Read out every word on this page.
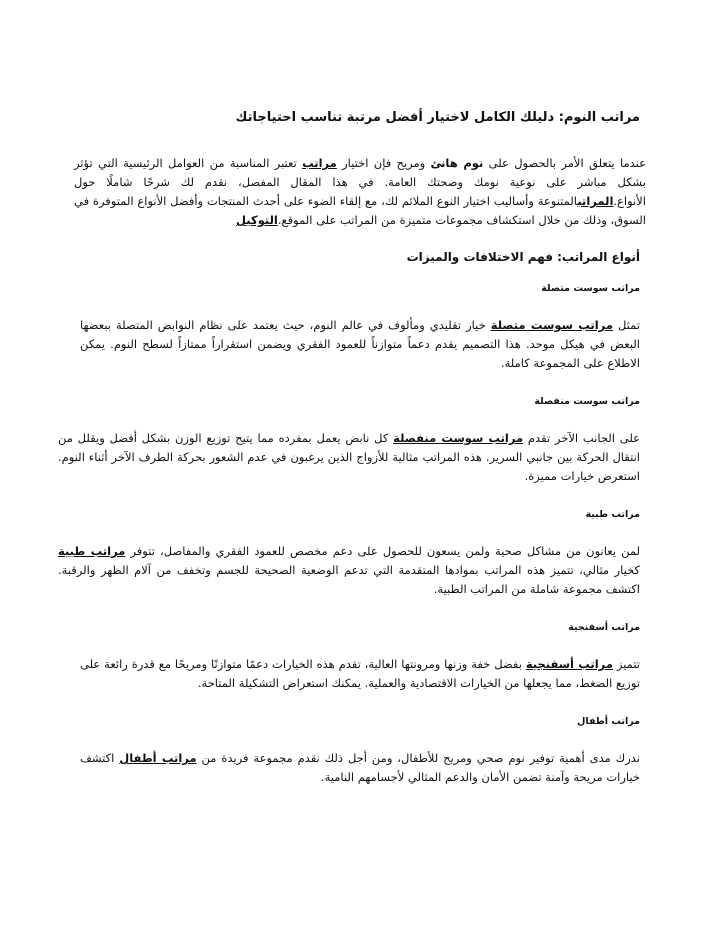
مراتب النوم: دليلك الكامل لاختيار أفضل مرتبة تناسب احتياجاتك

عندما يتعلق الأمر بالحصول على نوم هانئ ومريح فإن اختيار مراتب تعتبر المناسبة من العوامل الرئيسية التي تؤثر بشكل مباشر على نوعية نومك وصحتك العامة. في هذا المقال المفصل، نقدم لك شرحًا شاملًا حول الأنواع.المراتبالمتنوعة وأساليب اختيار النوع الملائم لك، مع إلقاء الضوء على أحدث المنتجات وأفضل الأنواع المتوفرة في السوق، وذلك من خلال استكشاف مجموعات متميزة من المراتب على الموقع.التوكيل

أنواع المراتب: فهم الاختلافات والميزات
مراتب سوست متصلة

تمثل مراتب سوست متصلة خيار تقليدي ومألوف في عالم النوم، حيث يعتمد على نظام النوابض المتصلة ببعضها البعض في هيكل موحد. هذا التصميم يقدم دعماً متوازناً للعمود الفقري ويضمن استقراراً ممتازاً لسطح النوم. يمكن الاطلاع على المجموعة كاملة.

مراتب سوست منفصلة

على الجانب الآخر تقدم مراتب سوست منفصلة كل نابض يعمل بمفرده مما يتيح توزيع الوزن بشكل أفضل ويقلل من انتقال الحركة بين جانبي السرير. هذه المراتب مثالية للأزواج الذين يرغبون في عدم الشعور بحركة الطرف الآخر أثناء النوم. استعرض خيارات مميزة.

مراتب طبية

لمن يعانون من مشاكل صحية ولمن يسعون للحصول على دعم مخصص للعمود الفقري والمفاصل، تتوفر مراتب طبية كخيار مثالي، تتميز هذه المراتب بموادها المتقدمة التي تدعم الوضعية الصحيحة للجسم وتخفف من آلام الظهر والرقبة. اكتشف مجموعة شاملة من المراتب الطبية.

مراتب أسفنجية

تتميز مراتب أسفنجية بفضل خفة وزنها ومرونتها العالية، تقدم هذه الخيارات دعمًا متوازنًا ومريحًا مع قدرة رائعة على توزيع الضغط، مما يجعلها من الخيارات الاقتصادية والعملية. يمكنك استعراض التشكيلة المتاحة.

مراتب أطفال

ندرك مدى أهمية توفير نوم صحي ومريح للأطفال، ومن أجل ذلك نقدم مجموعة فريدة من مراتب أطفال اكتشف خيارات مريحة وآمنة تضمن الأمان والدعم المثالي لأجسامهم النامية.
